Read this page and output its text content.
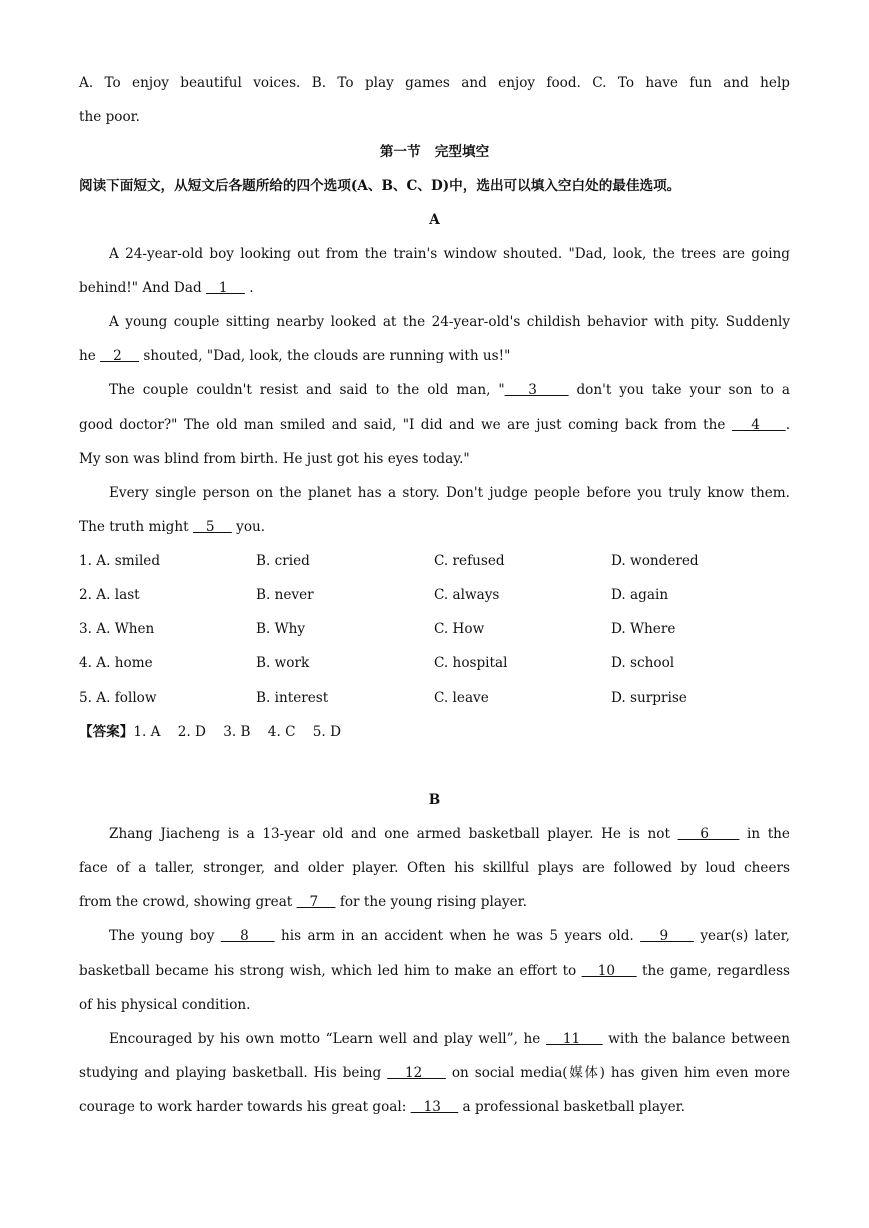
A. To enjoy beautiful voices. B. To play games and enjoy food. C. To have fun and help
the poor.
第一节   完型填空
阅读下面短文，从短文后各题所给的四个选项(A、B、C、D)中，选出可以填入空白处的最佳选项。
A
A 24-year-old boy looking out from the train's window shouted. "Dad, look, the trees are going
behind!" And Dad    1     .
A young couple sitting nearby looked at the 24-year-old's childish behavior with pity. Suddenly
he    2     shouted, "Dad, look, the clouds are running with us!"
The couple couldn't resist and said to the old man, "   3     don't you take your son to a
good doctor?" The old man smiled and said, "I did and we are just coming back from the    4    .
My son was blind from birth. He just got his eyes today."
Every single person on the planet has a story. Don't judge people before you truly know them.
The truth might    5     you.
1. A. smiled	B. cried	C. refused	D. wondered
2. A. last	B. never	C. always	D. again
3. A. When	B. Why	C. How	D. Where
4. A. home	B. work	C. hospital	D. school
5. A. follow	B. interest	C. leave	D. surprise
【答案】1. A    2. D    3. B    4. C    5. D
B
Zhang Jiacheng is a 13-year old and one armed basketball player. He is not    6     in the
face of a taller, stronger, and older player. Often his skillful plays are followed by loud cheers
from the crowd, showing great    7     for the young rising player.
The young boy    8     his arm in an accident when he was 5 years old.    9     year(s) later,
basketball became his strong wish, which led him to make an effort to    10     the game, regardless
of his physical condition.
Encouraged by his own motto “Learn well and play well”, he    11     with the balance between
studying and playing basketball. His being    12     on social media(媒体) has given him even more
courage to work harder towards his great goal:    13     a professional basketball player.
